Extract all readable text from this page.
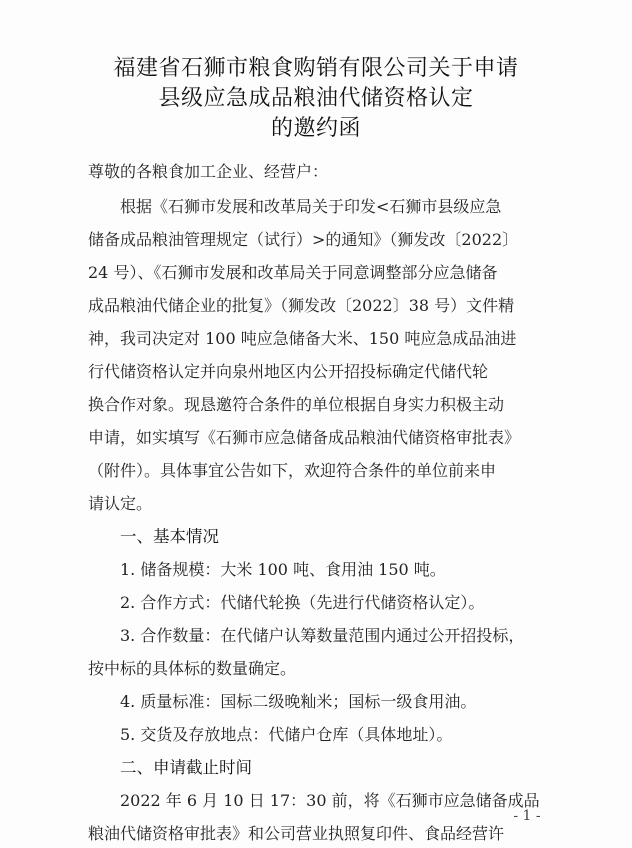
福建省石狮市粮食购销有限公司关于申请
县级应急成品粮油代储资格认定
的邀约函
尊敬的各粮食加工企业、经营户：
根据《石狮市发展和改革局关于印发<石狮市县级应急
储备成品粮油管理规定（试行）>的通知》（狮发改〔2022〕
24 号）、《石狮市发展和改革局关于同意调整部分应急储备
成品粮油代储企业的批复》（狮发改〔2022〕38 号）文件精
神，我司决定对 100 吨应急储备大米、150 吨应急成品油进
行代储资格认定并向泉州地区内公开招投标确定代储代轮
换合作对象。现恳邀符合条件的单位根据自身实力积极主动
申请，如实填写《石狮市应急储备成品粮油代储资格审批表》
（附件）。具体事宜公告如下，欢迎符合条件的单位前来申
请认定。
一、基本情况
1. 储备规模：大米 100 吨、食用油 150 吨。
2. 合作方式：代储代轮换（先进行代储资格认定）。
3. 合作数量：在代储户认筹数量范围内通过公开招投标，
按中标的具体标的数量确定。
4. 质量标准：国标二级晚籼米；国标一级食用油。
5. 交货及存放地点：代储户仓库（具体地址）。
二、申请截止时间
2022 年 6 月 10 日 17：30 前，将《石狮市应急储备成品
粮油代储资格审批表》和公司营业执照复印件、食品经营许
- 1 -
